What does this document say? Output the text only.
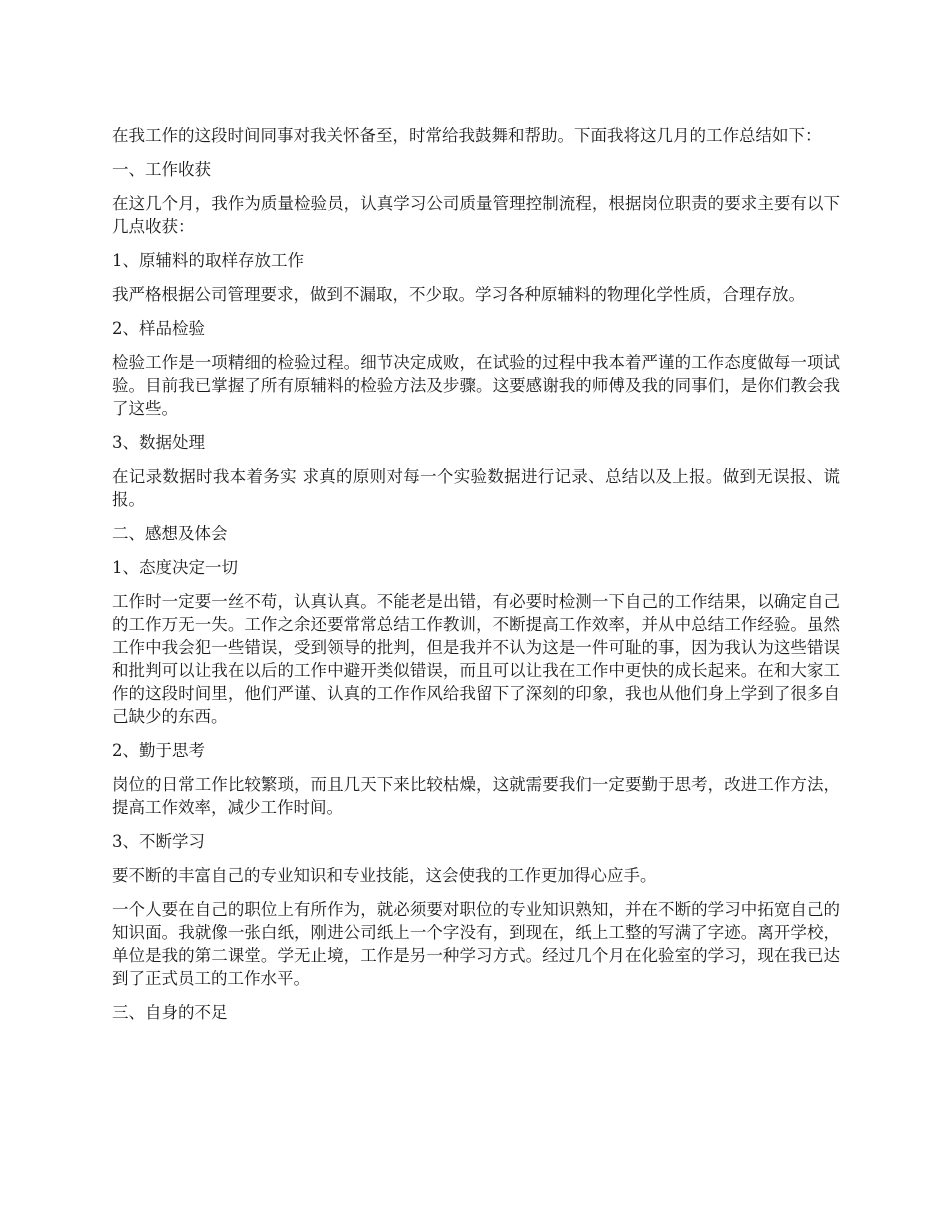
在我工作的这段时间同事对我关怀备至，时常给我鼓舞和帮助。下面我将这几月的工作总结如下：

一、工作收获

在这几个月，我作为质量检验员，认真学习公司质量管理控制流程，根据岗位职责的要求主要有以下几点收获：

1、原辅料的取样存放工作

我严格根据公司管理要求，做到不漏取，不少取。学习各种原辅料的物理化学性质，合理存放。

2、样品检验

检验工作是一项精细的检验过程。细节决定成败，在试验的过程中我本着严谨的工作态度做每一项试验。目前我已掌握了所有原辅料的检验方法及步骤。这要感谢我的师傅及我的同事们，是你们教会我了这些。

3、数据处理

在记录数据时我本着务实 求真的原则对每一个实验数据进行记录、总结以及上报。做到无误报、谎报。

二、感想及体会

1、态度决定一切

工作时一定要一丝不苟，认真认真。不能老是出错，有必要时检测一下自己的工作结果，以确定自己的工作万无一失。工作之余还要常常总结工作教训，不断提高工作效率，并从中总结工作经验。虽然工作中我会犯一些错误，受到领导的批判，但是我并不认为这是一件可耻的事，因为我认为这些错误和批判可以让我在以后的工作中避开类似错误，而且可以让我在工作中更快的成长起来。在和大家工作的这段时间里，他们严谨、认真的工作作风给我留下了深刻的印象，我也从他们身上学到了很多自己缺少的东西。

2、勤于思考

岗位的日常工作比较繁琐，而且几天下来比较枯燥，这就需要我们一定要勤于思考，改进工作方法，提高工作效率，减少工作时间。

3、不断学习

要不断的丰富自己的专业知识和专业技能，这会使我的工作更加得心应手。

一个人要在自己的职位上有所作为，就必须要对职位的专业知识熟知，并在不断的学习中拓宽自己的知识面。我就像一张白纸，刚进公司纸上一个字没有，到现在，纸上工整的写满了字迹。离开学校，单位是我的第二课堂。学无止境，工作是另一种学习方式。经过几个月在化验室的学习，现在我已达到了正式员工的工作水平。

三、自身的不足
